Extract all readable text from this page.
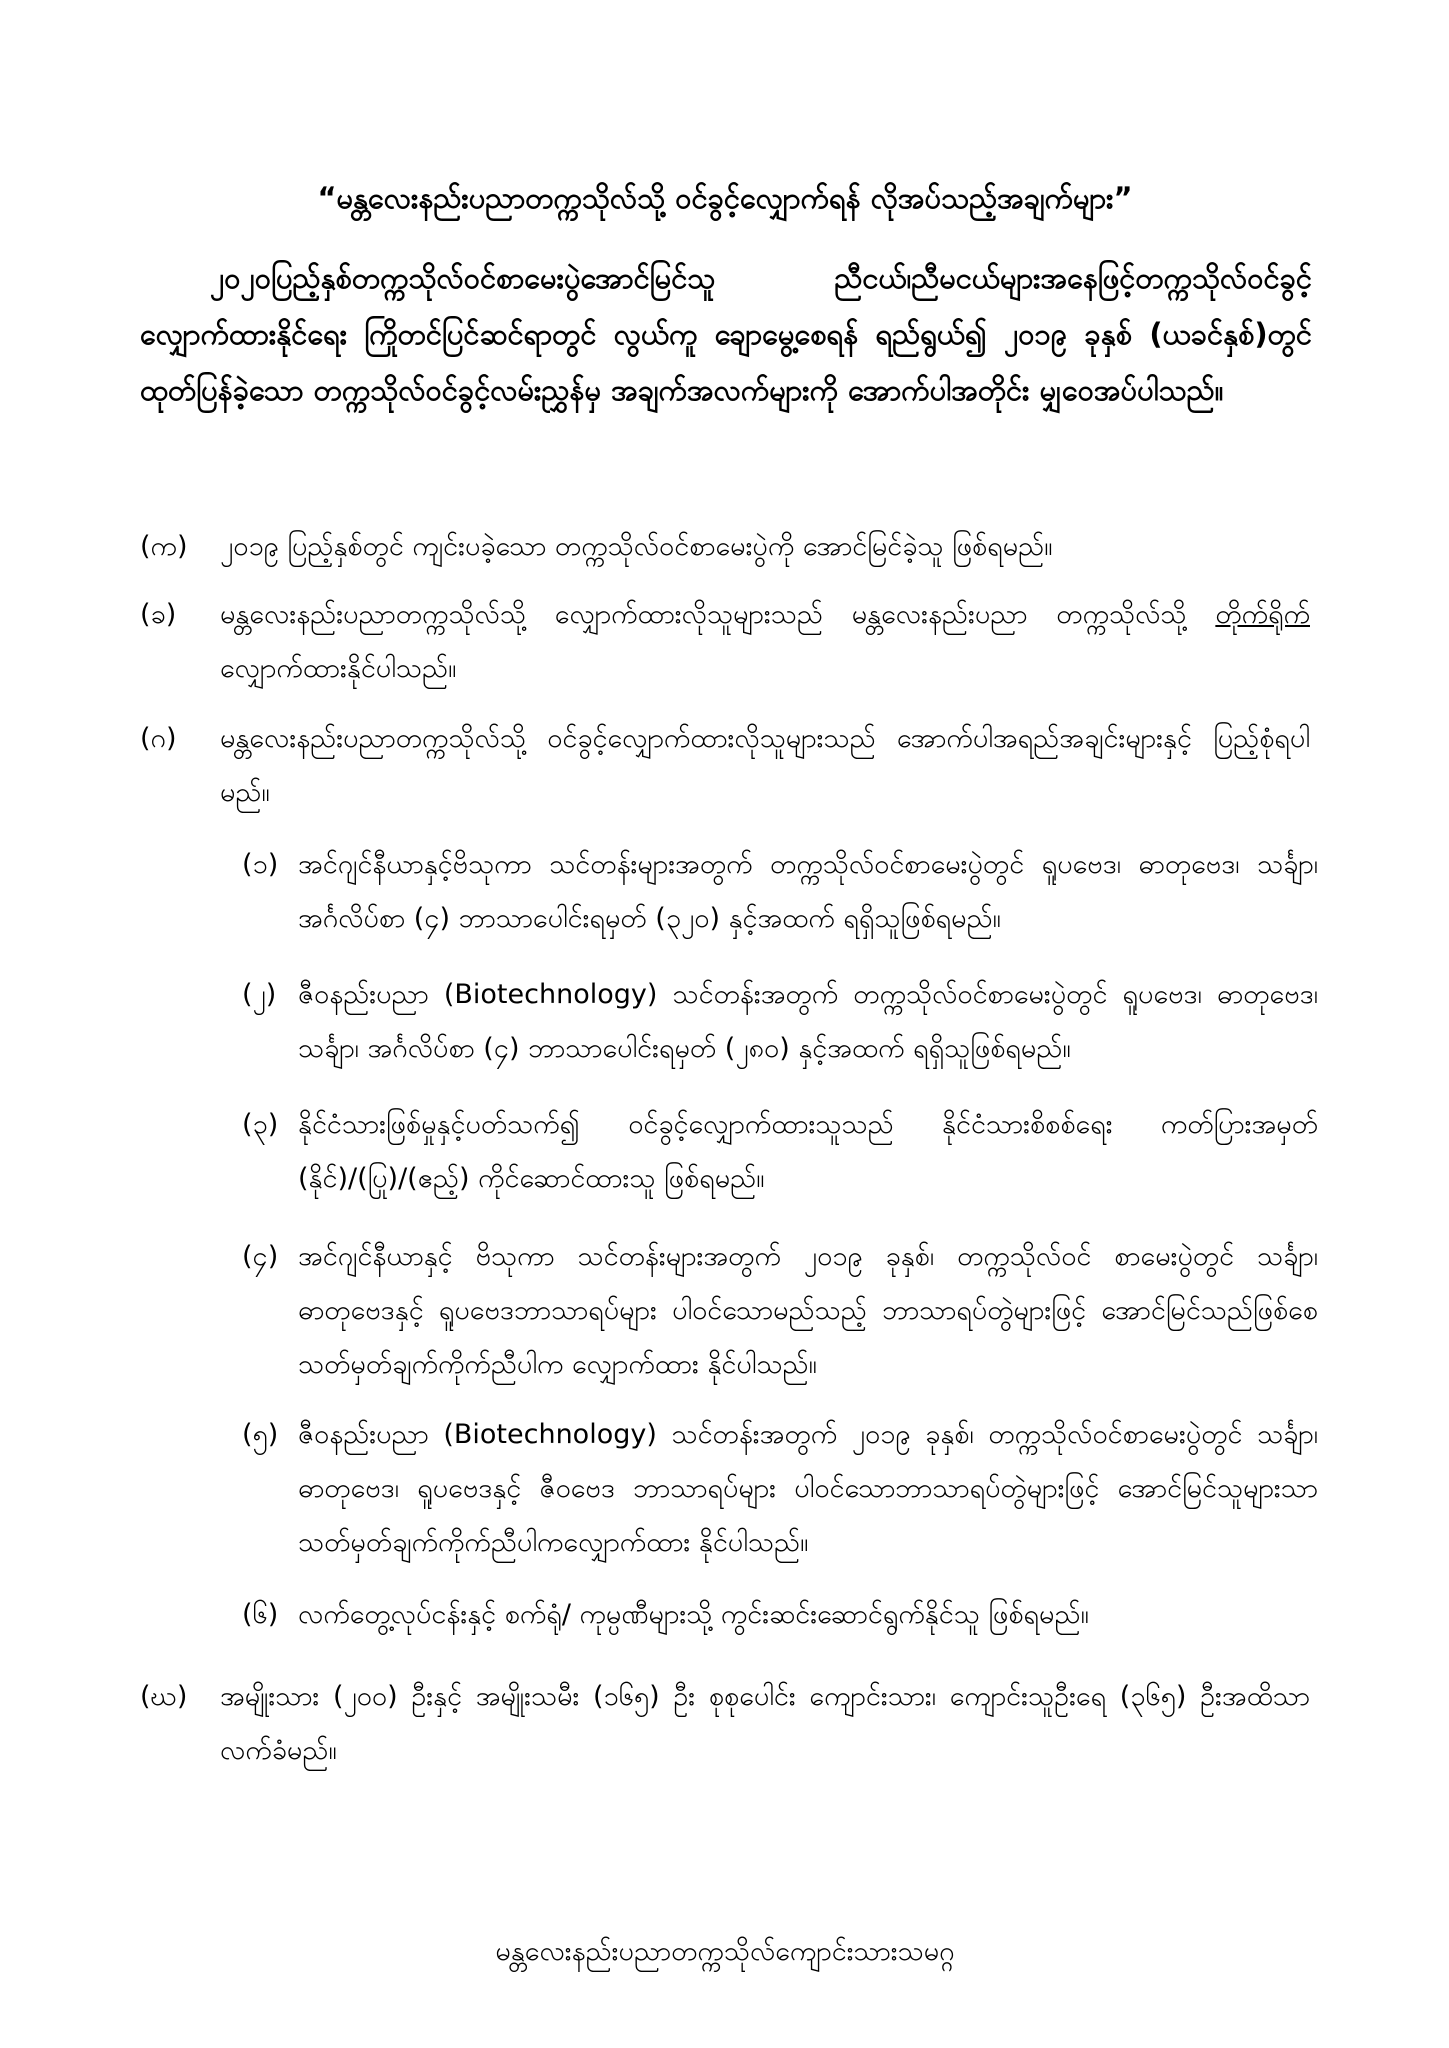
“မန္တလေးနည်းပညာတက္ကသိုလ်သို့ ဝင်ခွင့်လျှောက်ရန် လိုအပ်သည့်အချက်များ”
၂၀၂၀ပြည့်နှစ်တက္ကသိုလ်ဝင်စာမေးပွဲအောင်မြင်သူ ညီငယ်၊ညီမငယ်များအနေဖြင့်တက္ကသိုလ်ဝင်ခွင့်လျှောက်ထားနိုင်ရေး ကြိုတင်ပြင်ဆင်ရာတွင် လွယ်ကူ ချောမွေ့စေရန် ရည်ရွယ်၍ ၂၀၁၉ ခုနှစ် (ယခင်နှစ်)တွင်ထုတ်ပြန်ခဲ့သော တက္ကသိုလ်ဝင်ခွင့်လမ်းညွှန်မှ အချက်အလက်များကို အောက်ပါအတိုင်း မျှဝေအပ်ပါသည်။
(က)	၂၀၁၉ ပြည့်နှစ်တွင် ကျင်းပခဲ့သော တက္ကသိုလ်ဝင်စာမေးပွဲကို အောင်မြင်ခဲ့သူ ဖြစ်ရမည်။
(ခ)	မန္တလေးနည်းပညာတက္ကသိုလ်သို့ လျှောက်ထားလိုသူများသည် မန္တလေးနည်းပညာ တက္ကသိုလ်သို့ တိုက်ရိုက် လျှောက်ထားနိုင်ပါသည်။
(ဂ)	မန္တလေးနည်းပညာတက္ကသိုလ်သို့ ဝင်ခွင့်လျှောက်ထားလိုသူများသည် အောက်ပါအရည်အချင်းများနှင့် ပြည့်စုံရပါမည်။
(၁) အင်ဂျင်နီယာနှင့်ဗိသုကာ သင်တန်းများအတွက် တက္ကသိုလ်ဝင်စာမေးပွဲတွင် ရူပဗေဒ၊ ဓာတုဗေဒ၊ သင်္ချာ၊ အင်္ဂလိပ်စာ (၄) ဘာသာပေါင်းရမှတ် (၃၂၀) နှင့်အထက် ရရှိသူဖြစ်ရမည်။
(၂) ဇီဝနည်းပညာ (Biotechnology) သင်တန်းအတွက် တက္ကသိုလ်ဝင်စာမေးပွဲတွင် ရူပဗေဒ၊ ဓာတုဗေဒ၊ သင်္ချာ၊ အင်္ဂလိပ်စာ (၄) ဘာသာပေါင်းရမှတ် (၂၈၀) နှင့်အထက် ရရှိသူဖြစ်ရမည်။
(၃) နိုင်ငံသားဖြစ်မှုနှင့်ပတ်သက်၍ ဝင်ခွင့်လျှောက်ထားသူသည် နိုင်ငံသားစိစစ်ရေး ကတ်ပြားအမှတ် (နိုင်)/(ပြု)/(ဧည့်) ကိုင်ဆောင်ထားသူ ဖြစ်ရမည်။
(၄) အင်ဂျင်နီယာနှင့် ဗိသုကာ သင်တန်းများအတွက် ၂၀၁၉ ခုနှစ်၊ တက္ကသိုလ်ဝင် စာမေးပွဲတွင် သင်္ချာ၊ ဓာတုဗေဒနှင့် ရူပဗေဒဘာသာရပ်များ ပါဝင်သောမည်သည့် ဘာသာရပ်တွဲများဖြင့် အောင်မြင်သည်ဖြစ်စေ သတ်မှတ်ချက်ကိုက်ညီပါက လျှောက်ထား နိုင်ပါသည်။
(၅) ဇီဝနည်းပညာ (Biotechnology) သင်တန်းအတွက် ၂၀၁၉ ခုနှစ်၊ တက္ကသိုလ်ဝင်စာမေးပွဲတွင် သင်္ချာ၊ ဓာတုဗေဒ၊ ရူပဗေဒနှင့် ဇီဝဗေဒ ဘာသာရပ်များ ပါဝင်သောဘာသာရပ်တွဲများဖြင့် အောင်မြင်သူများသာသတ်မှတ်ချက်ကိုက်ညီပါကလျှောက်ထား နိုင်ပါသည်။
(၆) လက်တွေ့လုပ်ငန်းနှင့် စက်ရုံ/ ကုမ္ပဏီများသို့ ကွင်းဆင်းဆောင်ရွက်နိုင်သူ ဖြစ်ရမည်။
(ဃ)	အမျိုးသား (၂၀၀) ဦးနှင့် အမျိုးသမီး (၁၆၅) ဦး စုစုပေါင်း ကျောင်းသား၊ ကျောင်းသူဦးရေ (၃၆၅) ဦးအထိသာ လက်ခံမည်။
မန္တလေးနည်းပညာတက္ကသိုလ်ကျောင်းသားသမဂ္ဂ
